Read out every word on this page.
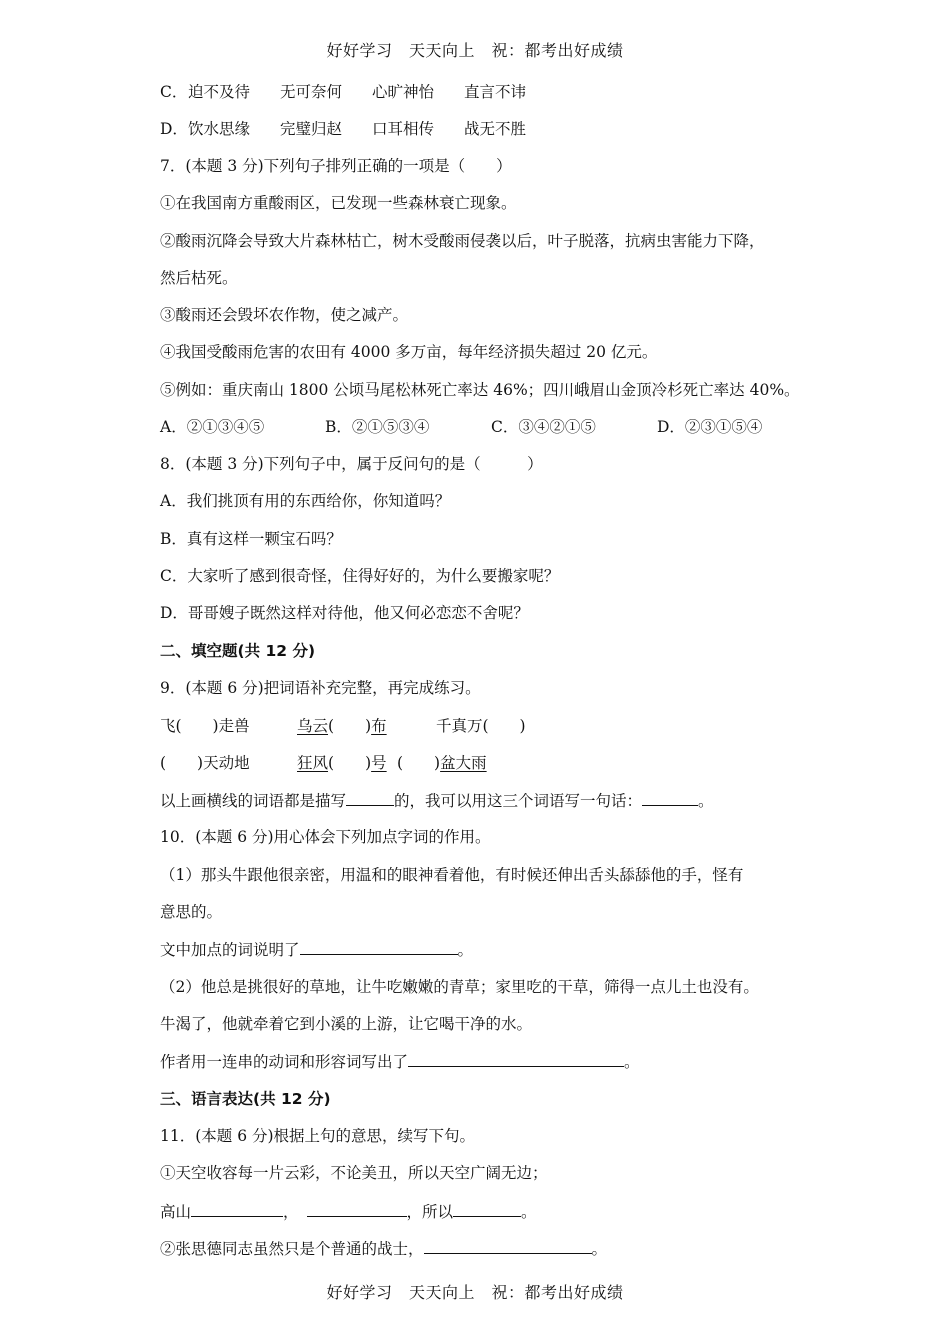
好好学习　天天向上　祝：都考出好成绩
C．迫不及待 无可奈何 心旷神怡 直言不讳
D．饮水思缘 完璧归赵 口耳相传 战无不胜
7．(本题 3 分)下列句子排列正确的一项是（　　）
①在我国南方重酸雨区，已发现一些森林衰亡现象。
②酸雨沉降会导致大片森林枯亡，树木受酸雨侵袭以后，叶子脱落，抗病虫害能力下降，
然后枯死。
③酸雨还会毁坏农作物，使之减产。
④我国受酸雨危害的农田有 4000 多万亩，每年经济损失超过 20 亿元。
⑤例如：重庆南山 1800 公顷马尾松林死亡率达 46%；四川峨眉山金顶冷杉死亡率达 40%。
A．②①③④⑤	B．②①⑤③④	C．③④②①⑤	D．②③①⑤④
8．(本题 3 分)下列句子中，属于反问句的是（　　　）
A．我们挑顶有用的东西给你，你知道吗？
B．真有这样一颗宝石吗？
C．大家听了感到很奇怪，住得好好的，为什么要搬家呢？
D．哥哥嫂子既然这样对待他，他又何必恋恋不舍呢？
二、填空题(共 12 分)
9．(本题 6 分)把词语补充完整，再完成练习。
飞(　　)走兽	乌云(　　)布	千真万(　　)
(　　)天动地	狂风(　　)号 (　　)盆大雨
以上画横线的词语都是描写	的，我可以用这三个词语写一句话：	。
10．(本题 6 分)用心体会下列加点字词的作用。
（1）那头牛跟他很亲密，用温和的眼神看着他，有时候还伸出舌头舔舔他的手，怪有
意思的。
文中加点的词说明了	。
（2）他总是挑很好的草地，让牛吃嫩嫩的青草；家里吃的干草，筛得一点儿土也没有。
牛渴了，他就牵着它到小溪的上游，让它喝干净的水。
作者用一连串的动词和形容词写出了	。
三、语言表达(共 12 分)
11．(本题 6 分)根据上句的意思，续写下句。
①天空收容每一片云彩，不论美丑，所以天空广阔无边；
高山	，	，所以	。
②张思德同志虽然只是个普通的战士，	。
好好学习　天天向上　祝：都考出好成绩
